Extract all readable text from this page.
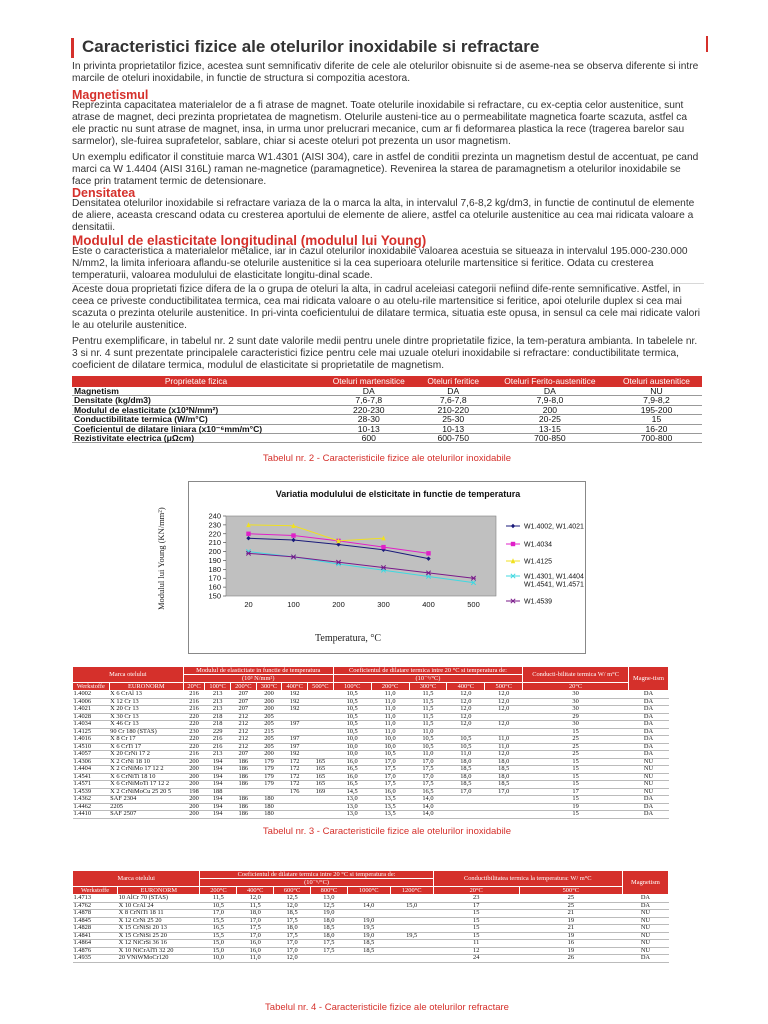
Caracteristici fizice ale otelurilor inoxidabile si refractare
In privinta proprietatilor fizice, acestea sunt semnificativ diferite de cele ale otelurilor obisnuite si de aseme-nea se observa diferente si intre marcile de oteluri inoxidabile, in functie de structura si compozitia acestora.
Magnetismul
Reprezinta capacitatea materialelor de a fi atrase de magnet. Toate otelurile inoxidabile si refractare, cu ex-ceptia celor austenitice, sunt atrase de magnet, deci prezinta proprietatea de magnetism. Otelurile austeni-tice au o permeabilitate magnetica foarte scazuta, astfel ca ele practic nu sunt atrase de magnet, insa, in urma unor prelucrari mecanice, cum ar fi deformarea plastica la rece (tragerea barelor sau sarmelor), sle-fuirea suprafetelor, sablare, chiar si aceste oteluri pot prezenta un usor magnetism.
Un exemplu edificator il constituie marca W1.4301 (AISI 304), care in astfel de conditii prezinta un magnetism destul de accentuat, pe cand marci ca W 1.4404 (AISI 316L) raman ne-magnetice (paramagnetice). Revenirea la starea de paramagnetism a otelurilor inoxidabile se face prin tratament termic de detensionare.
Densitatea
Densitatea otelurilor inoxidabile si refractare variaza de la o marca la alta, in intervalul 7,6-8,2 kg/dm3, in functie de continutul de elemente de aliere, aceasta crescand odata cu cresterea aportului de elemente de aliere, astfel ca otelurile austenitice au cea mai ridicata valoare a densitatii.
Modulul de elasticitate longitudinal (modulul lui Young)
Este o caracteristica a materialelor metalice, iar in cazul otelurilor inoxidabile valoarea acestuia se situeaza in intervalul 195.000-230.000 N/mm2, la limita inferioara aflandu-se otelurile austenitice si la cea superioara otelurile martensitice si feritice. Odata cu cresterea temperaturii, valoarea modulului de elasticitate longitu-dinal scade.
Aceste doua proprietati fizice difera de la o grupa de oteluri la alta, in cadrul aceleiasi categorii nefiind dife-rente semnificative. Astfel, in ceea ce priveste conductibilitatea termica, cea mai ridicata valoare o au otelu-rile martensitice si feritice, apoi otelurile duplex si cea mai scazuta o prezinta otelurile austenitice. In pri-vinta coeficientului de dilatare termica, situatia este opusa, in sensul ca cele mai ridicate valori le au otelurile austenitice.
Pentru exemplificare, in tabelul nr. 2 sunt date valorile medii pentru unele dintre proprietatile fizice, la tem-peratura ambianta. In tabelele nr. 3 si nr. 4 sunt prezentate principalele caracteristici fizice pentru cele mai uzuale oteluri inoxidabile si refractare: conductibilitate termica, coeficient de dilatare termica, modulul de elasticitate si proprietatile de magnetism.
Proprietate fizica	Oteluri martensitice	Oteluri feritice	Oteluri Ferito-austenitice	Oteluri austenitice
Magnetism	DA	DA	DA	NU
Densitate (kg/dm3)	7,6-7,8	7,6-7,8	7,9-8,0	7,9-8,2
Modulul de elasticitate (x10³N/mm²)	220-230	210-220	200	195-200
Conductibilitate termica (W/m°C)	28-30	25-30	20-25	15
Coeficientul de dilatare liniara (x10⁻⁶mm/m°C)	10-13	10-13	13-15	16-20
Rezistivitate electrica (μΩcm)	600	600-750	700-850	700-800
Tabelul nr. 2 - Caracteristicile fizice ale otelurilor inoxidabile
Variatia modulului de elsticitate in functie de temperatura
150
160
170
180
190
200
210
220
230
240
20	100	200	300	400	500
W1.4002, W1.4021
W1.4034
W1.4125
W1.4301, W1.4404
W1.4541, W1.4571
W1.4539
Modulul lui Young (KN/mm²)
Temperatura, °C
Marca otelului		Modulul de elasticitate in functie de temperatura						Coeficientul de dilatare termica intre 20 °C si temperatura de:					Conducti-bilitate termica W/ m°C	Magne-tism
		(10³ N/mm²)						(10⁻⁶/°C)						
Werkstoffe	EURONORM	20°C	100°C	200°C	300°C	400°C	500°C	100°C	200°C	300°C	400°C	500°C	20°C	
1.4002	X 6 CrAl 13	216	213	207	200	192		10,5	11,0	11,5	12,0	12,0	30	DA
1.4006	X 12 Cr 13	216	213	207	200	192		10,5	11,0	11,5	12,0	12,0	30	DA
1.4021	X 20 Cr 13	216	213	207	200	192		10,5	11,0	11,5	12,0	12,0	30	DA
1.4028	X 30 Cr 13	220	218	212	205			10,5	11,0	11,5	12,0		29	DA
1.4034	X 46 Cr 13	220	218	212	205	197		10,5	11,0	11,5	12,0	12,0	30	DA
1.4125	90 Cr 180 (STAS)	230	229	212	215			10,5	11,0	11,0			15	DA
1.4016	X 8 Cr 17	220	216	212	205	197		10,0	10,0	10,5	10,5	11,0	25	DA
1.4510	X 6 CrTi 17	220	216	212	205	197		10,0	10,0	10,5	10,5	11,0	25	DA
1.4057	X 20 CrNi 17 2	216	213	207	200	192		10,0	10,5	11,0	11,0	12,0	25	DA
1.4306	X 2 CrNi 18 10	200	194	186	179	172	165	16,0	17,0	17,0	18,0	18,0	15	NU
1.4404	X 2 CrNiMo 17 12 2	200	194	186	179	172	165	16,5	17,5	17,5	18,5	18,5	15	NU
1.4541	X 6 CrNiTi 18 10	200	194	186	179	172	165	16,0	17,0	17,0	18,0	18,0	15	NU
1.4571	X 6 CrNiMoTi 17 12 2	200	194	186	179	172	165	16,5	17,5	17,5	18,5	18,5	15	NU
1.4539	X 2 CrNiMoCu 25 20 5	198	188			176	169	14,5	16,0	16,5	17,0	17,0	17	NU
1.4362	SAF 2304	200	194	186	180			13,0	13,5	14,0			15	DA
1.4462	2205	200	194	186	180			13,0	13,5	14,0			19	DA
1.4410	SAF 2507	200	194	186	180			13,0	13,5	14,0			15	DA
Tabelul nr. 3 - Caracteristicile fizice ale otelurilor inoxidabile
Marca otelului		Coeficientul de dilatare termica intre 20 °C si temperatura de:						Conductibilitatea termica la temperatura: W/ m°C		Magnetism
		(10⁻⁶/°C)								
Werkstoffe	EURONORM	200°C	400°C	600°C	800°C	1000°C	1200°C	20°C	500°C	
1.4713	10 AlCr 70 (STAS)	11,5	12,0	12,5	13,0			23	25	DA
1.4762	X 10 CrAl 24	10,5	11,5	12,0	12,5	14,0	15,0	17	25	DA
1.4878	X 8 CrNiTi 18 11	17,0	18,0	18,5	19,0			15	21	NU
1.4845	X 12 CrNi 25 20	15,5	17,0	17,5	18,0	19,0		15	19	NU
1.4828	X 15 CrNiSi 20 13	16,5	17,5	18,0	18,5	19,5		15	21	NU
1.4841	X 15 CrNiSi 25 20	15,5	17,0	17,5	18,0	19,0	19,5	15	19	NU
1.4864	X 12 NiCrSi 36 16	15,0	16,0	17,0	17,5	18,5		11	16	NU
1.4876	X 10 NiCrAlTi 32 20	15,0	16,0	17,0	17,5	18,5		12	19	NU
1.4935	20 VNiWMoCr120	10,0	11,0	12,0				24	26	DA
Tabelul nr. 4 - Caracteristicile fizice ale otelurilor refractare
